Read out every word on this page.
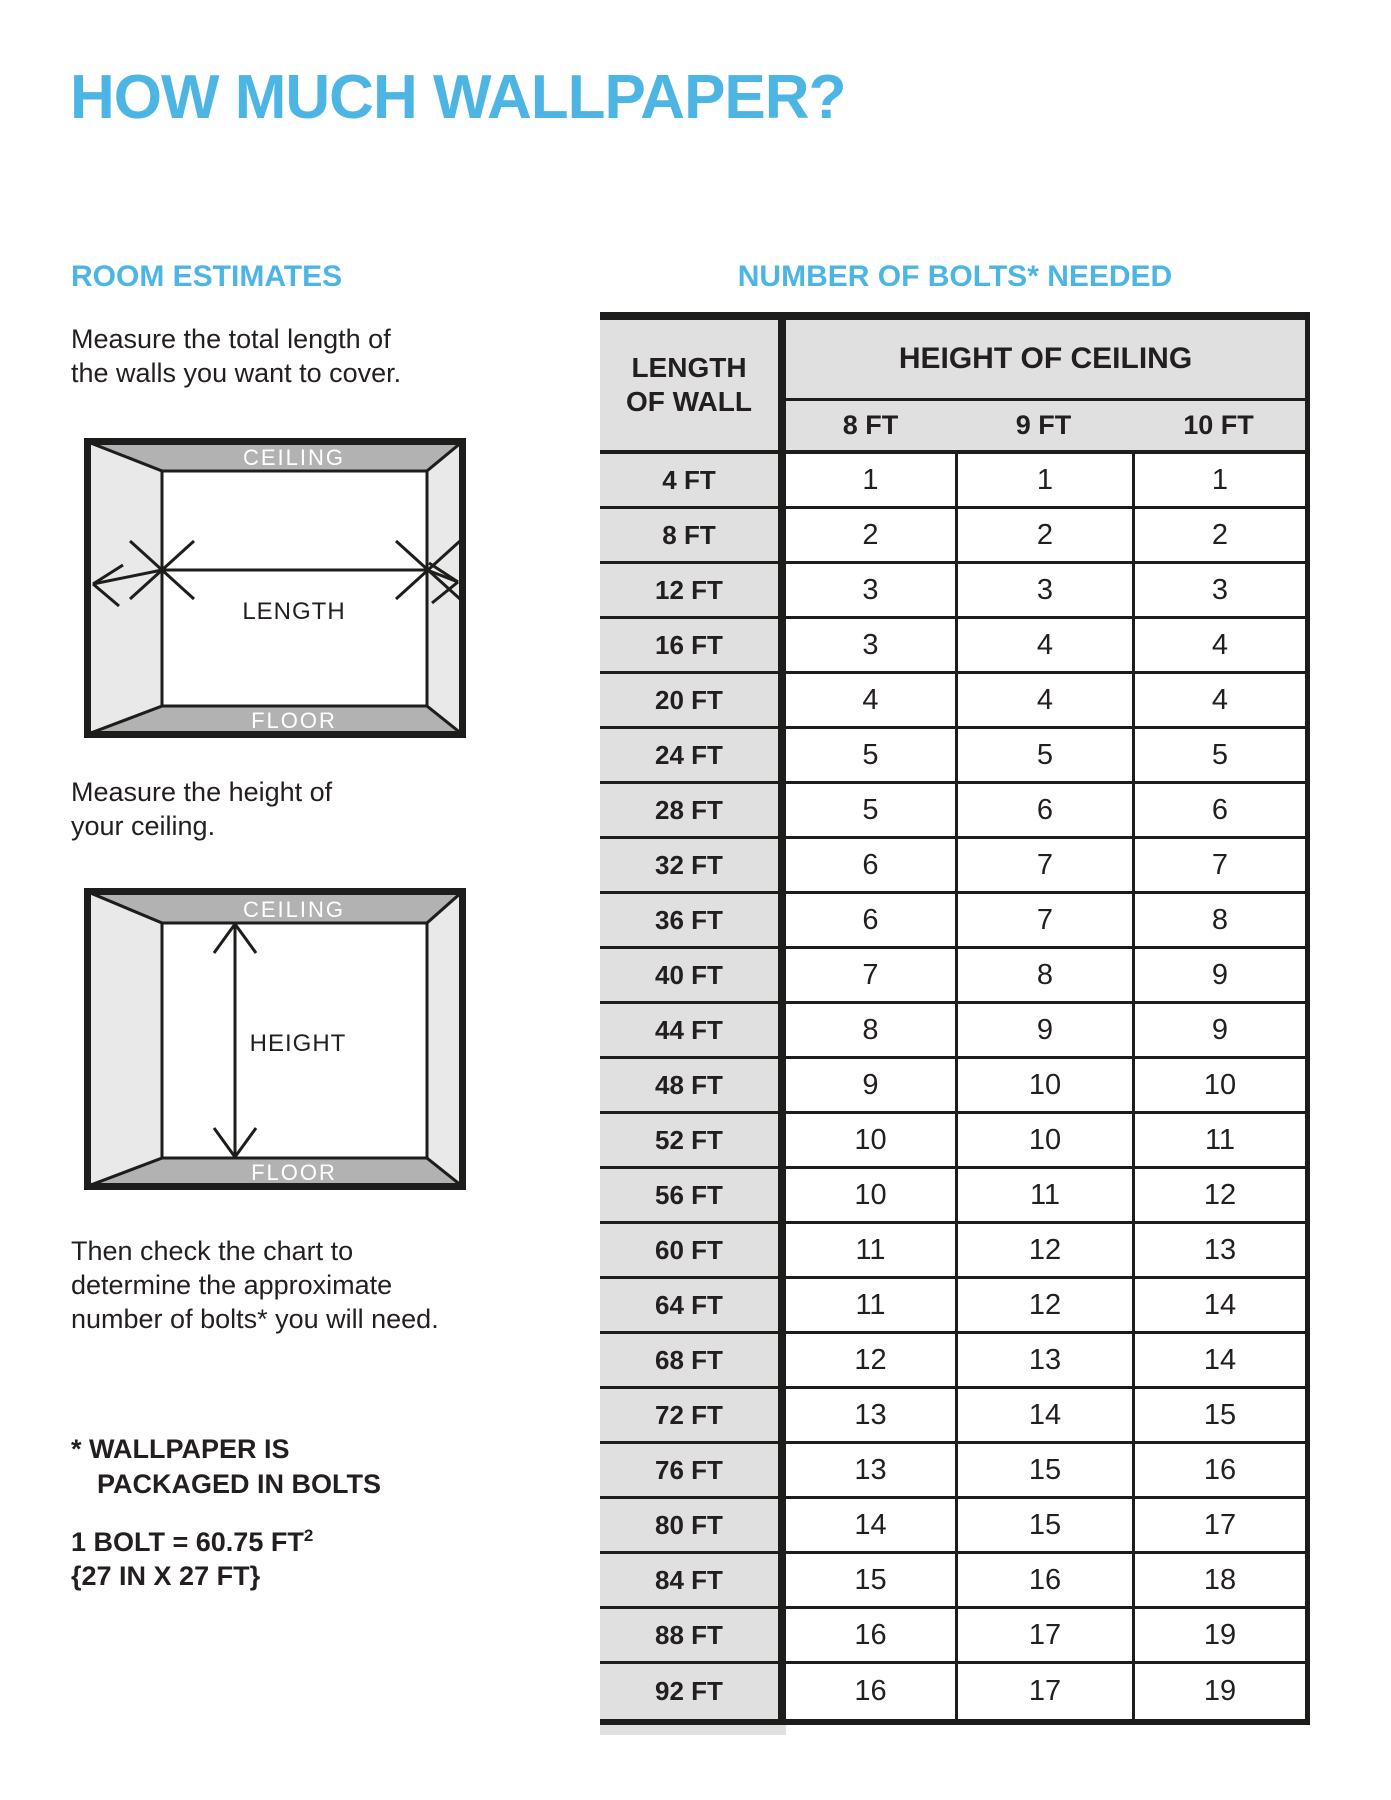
HOW MUCH WALLPAPER?
ROOM ESTIMATES	NUMBER OF BOLTS* NEEDED
Measure the total length of
the walls you want to cover.
CEILING
FLOOR
LENGTH
Measure the height of
your ceiling.
CEILING
FLOOR
HEIGHT
Then check the chart to
determine the approximate
number of bolts* you will need.
* WALLPAPER IS
PACKAGED IN BOLTS
1 BOLT = 60.75 $FT^2$
{27 IN X 27 FT}
LENGTH
OF WALL
HEIGHT OF CEILING
8 FT	9 FT	10 FT
4 FT	1	1	1
8 FT	2	2	2
12 FT	3	3	3
16 FT	3	4	4
20 FT	4	4	4
24 FT	5	5	5
28 FT	5	6	6
32 FT	6	7	7
36 FT	6	7	8
40 FT	7	8	9
44 FT	8	9	9
48 FT	9	10	10
52 FT	10	10	11
56 FT	10	11	12
60 FT	11	12	13
64 FT	11	12	14
68 FT	12	13	14
72 FT	13	14	15
76 FT	13	15	16
80 FT	14	15	17
84 FT	15	16	18
88 FT	16	17	19
92 FT	16	17	19
